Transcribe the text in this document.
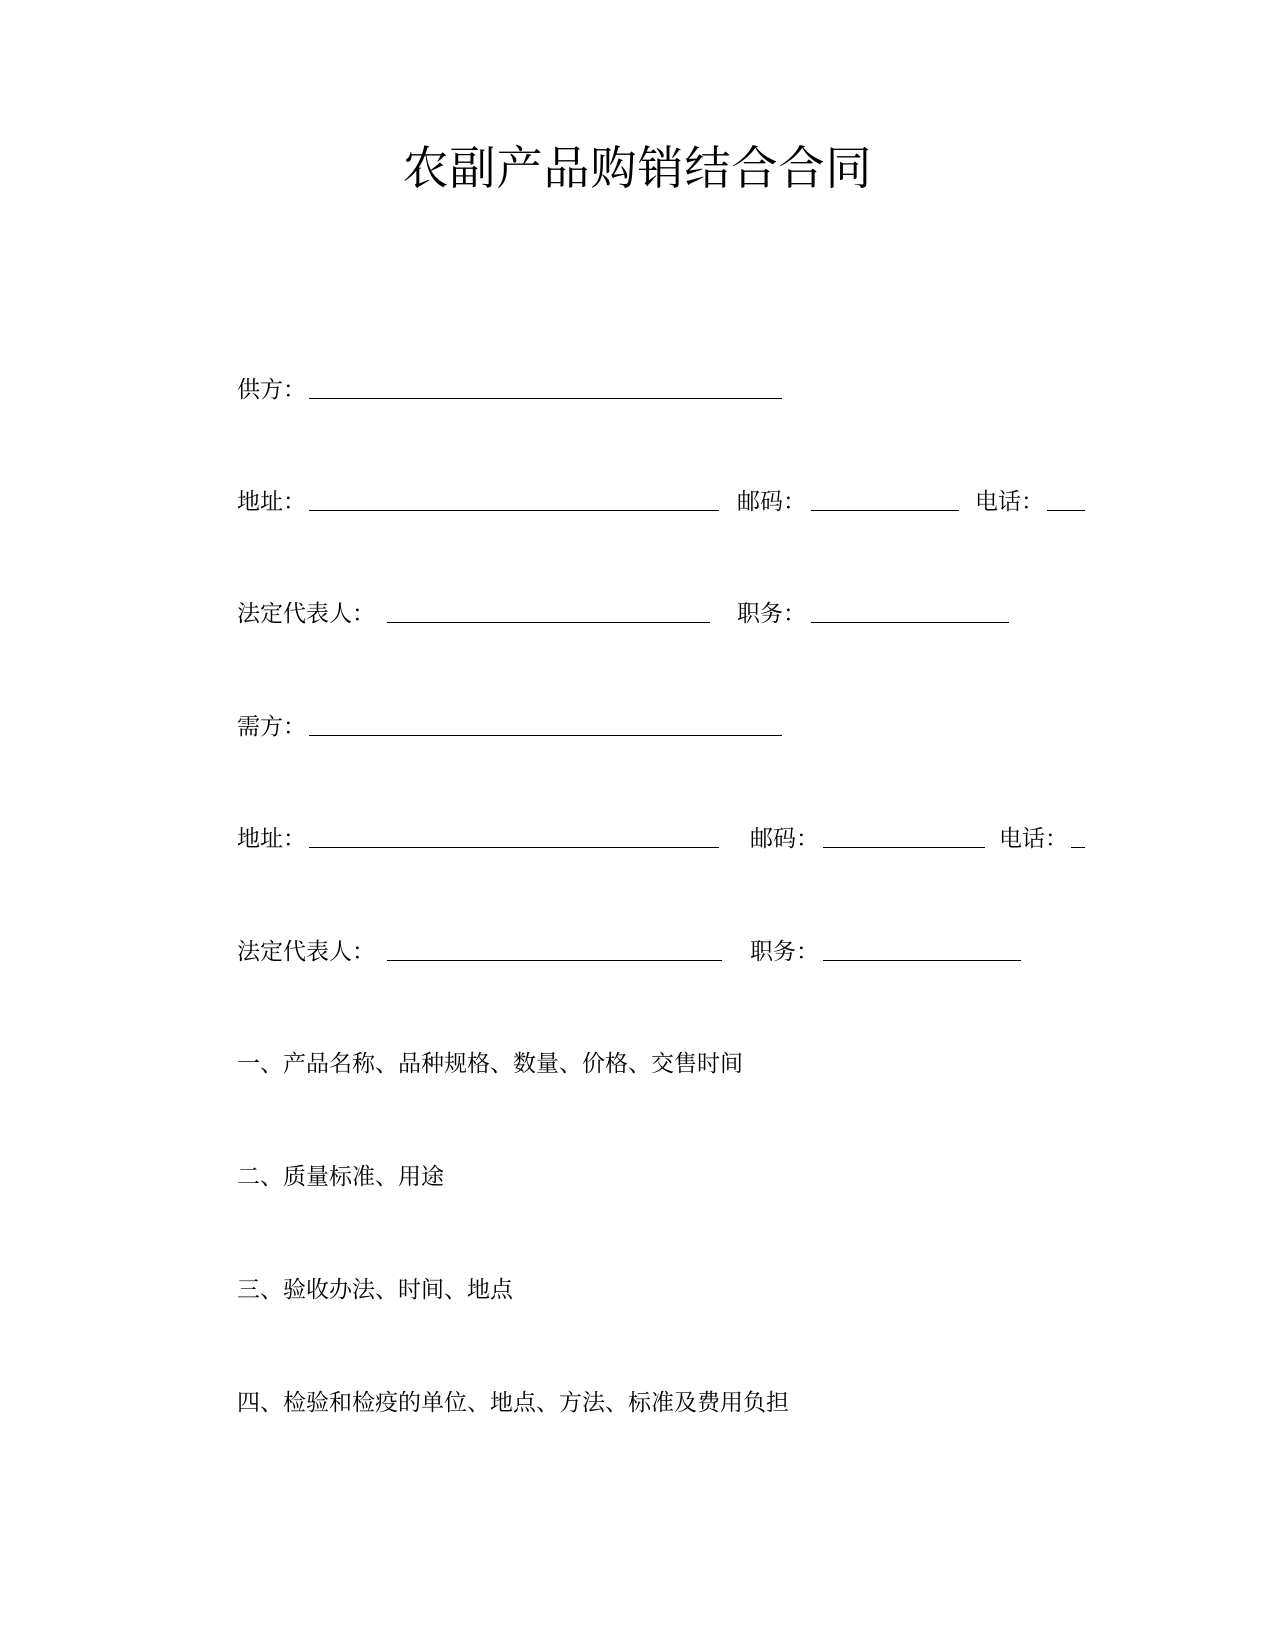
农副产品购销结合合同
供方：
地址：	邮码：	电话：
法定代表人：	职务：
需方：
地址：	邮码：	电话：
法定代表人：	职务：
一、产品名称、品种规格、数量、价格、交售时间
二、质量标准、用途
三、验收办法、时间、地点
四、检验和检疫的单位、地点、方法、标准及费用负担
